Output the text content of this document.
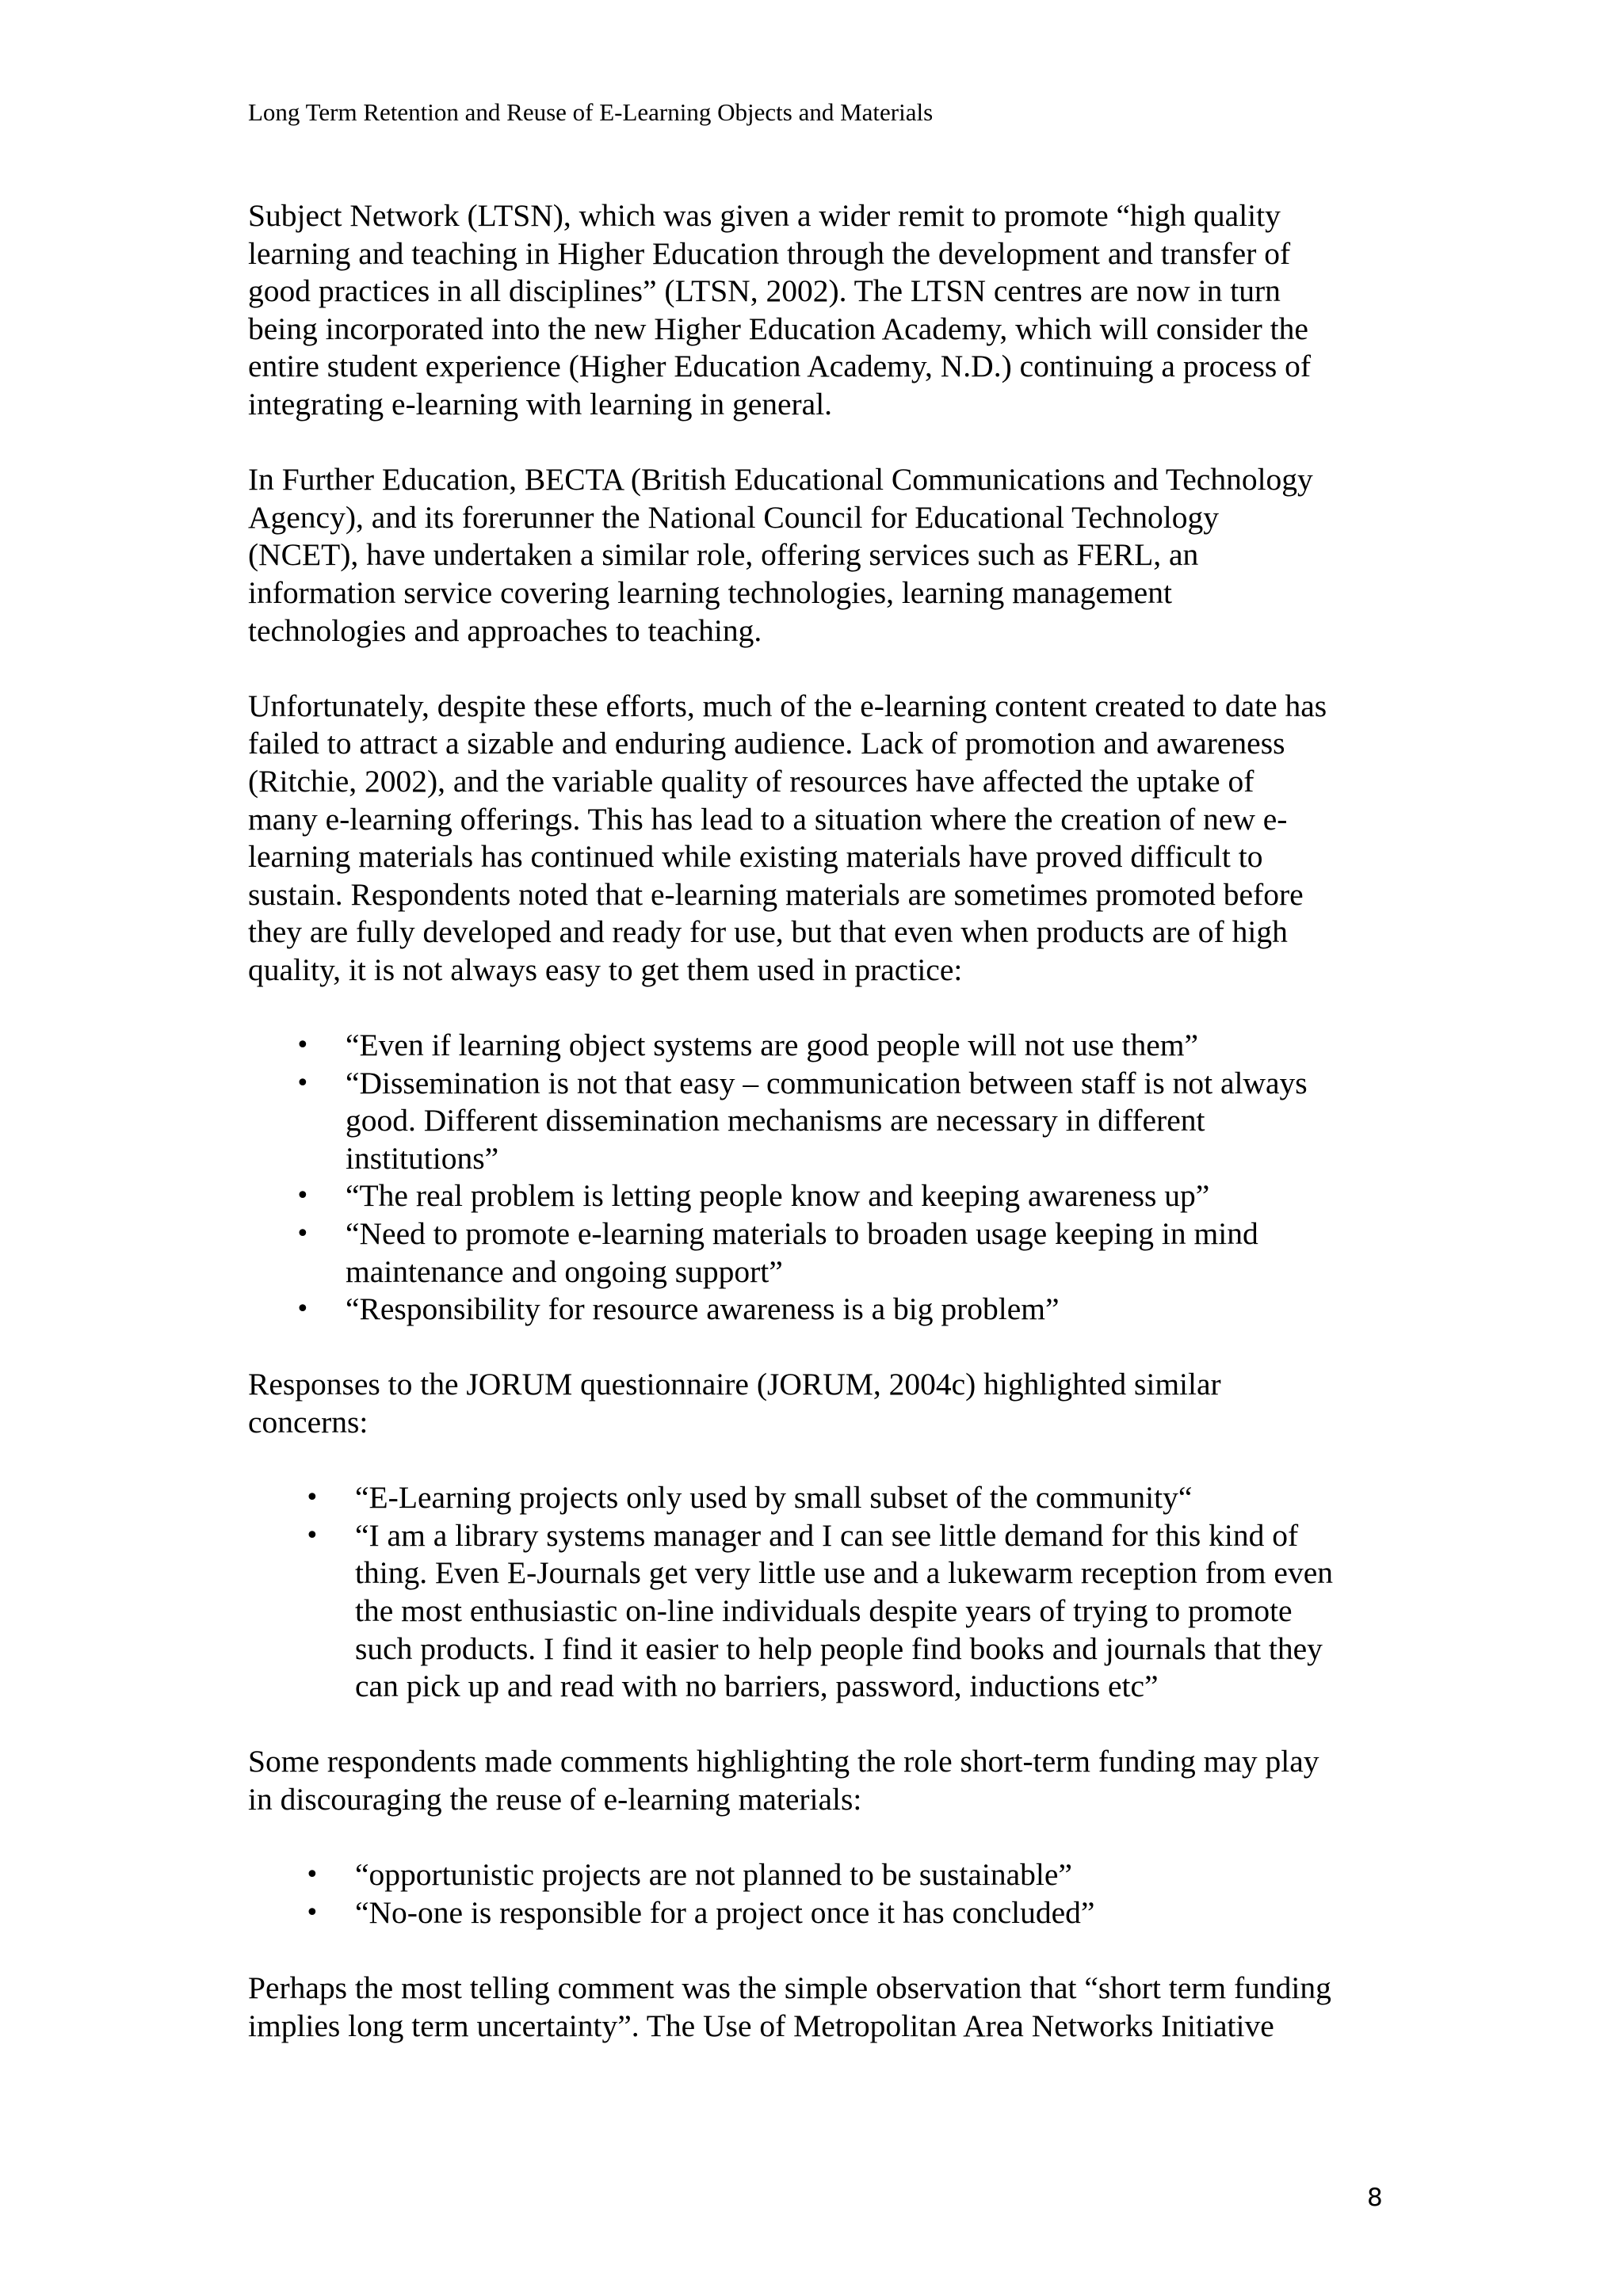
Long Term Retention and Reuse of E-Learning Objects and Materials

Subject Network (LTSN), which was given a wider remit to promote “high quality
learning and teaching in Higher Education through the development and transfer of
good practices in all disciplines” (LTSN, 2002). The LTSN centres are now in turn
being incorporated into the new Higher Education Academy, which will consider the
entire student experience (Higher Education Academy, N.D.) continuing a process of
integrating e-learning with learning in general.

In Further Education, BECTA (British Educational Communications and Technology
Agency), and its forerunner the National Council for Educational Technology
(NCET), have undertaken a similar role, offering services such as FERL, an
information service covering learning technologies, learning management
technologies and approaches to teaching.

Unfortunately, despite these efforts, much of the e-learning content created to date has
failed to attract a sizable and enduring audience. Lack of promotion and awareness
(Ritchie, 2002), and the variable quality of resources have affected the uptake of
many e-learning offerings. This has lead to a situation where the creation of new e-
learning materials has continued while existing materials have proved difficult to
sustain. Respondents noted that e-learning materials are sometimes promoted before
they are fully developed and ready for use, but that even when products are of high
quality, it is not always easy to get them used in practice:

• “Even if learning object systems are good people will not use them”
• “Dissemination is not that easy – communication between staff is not always
good. Different dissemination mechanisms are necessary in different
institutions”
• “The real problem is letting people know and keeping awareness up”
• “Need to promote e-learning materials to broaden usage keeping in mind
maintenance and ongoing support”
• “Responsibility for resource awareness is a big problem”

Responses to the JORUM questionnaire (JORUM, 2004c) highlighted similar
concerns:

• “E-Learning projects only used by small subset of the community“
• “I am a library systems manager and I can see little demand for this kind of
thing. Even E-Journals get very little use and a lukewarm reception from even
the most enthusiastic on-line individuals despite years of trying to promote
such products. I find it easier to help people find books and journals that they
can pick up and read with no barriers, password, inductions etc”

Some respondents made comments highlighting the role short-term funding may play
in discouraging the reuse of e-learning materials:

• “opportunistic projects are not planned to be sustainable”
• “No-one is responsible for a project once it has concluded”

Perhaps the most telling comment was the simple observation that “short term funding
implies long term uncertainty”. The Use of Metropolitan Area Networks Initiative

8
